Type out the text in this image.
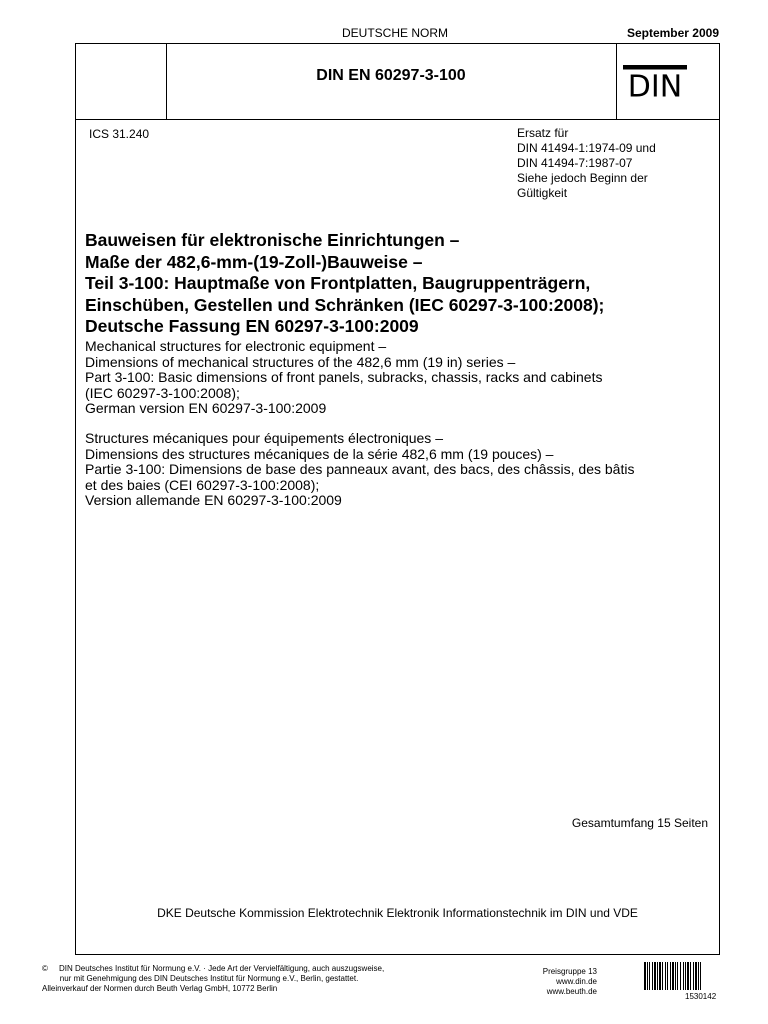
DEUTSCHE NORM	September 2009
DIN EN 60297-3-100	DIN
ICS 31.240	Ersatz für
DIN 41494-1:1974-09 und
DIN 41494-7:1987-07
Siehe jedoch Beginn der
Gültigkeit
Bauweisen für elektronische Einrichtungen –
Maße der 482,6-mm-(19-Zoll-)Bauweise –
Teil 3-100: Hauptmaße von Frontplatten, Baugruppenträgern,
Einschüben, Gestellen und Schränken (IEC 60297-3-100:2008);
Deutsche Fassung EN 60297-3-100:2009
Mechanical structures for electronic equipment –
Dimensions of mechanical structures of the 482,6 mm (19 in) series –
Part 3-100: Basic dimensions of front panels, subracks, chassis, racks and cabinets
(IEC 60297-3-100:2008);
German version EN 60297-3-100:2009
Structures mécaniques pour équipements électroniques –
Dimensions des structures mécaniques de la série 482,6 mm (19 pouces) –
Partie 3-100: Dimensions de base des panneaux avant, des bacs, des châssis, des bâtis
et des baies (CEI 60297-3-100:2008);
Version allemande EN 60297-3-100:2009
Gesamtumfang 15 Seiten
DKE Deutsche Kommission Elektrotechnik Elektronik Informationstechnik im DIN und VDE
©     DIN Deutsches Institut für Normung e.V. · Jede Art der Vervielfältigung, auch auszugsweise,
nur mit Genehmigung des DIN Deutsches Institut für Normung e.V., Berlin, gestattet.
Alleinverkauf der Normen durch Beuth Verlag GmbH, 10772 Berlin
Preisgruppe 13
www.din.de
www.beuth.de
1530142
